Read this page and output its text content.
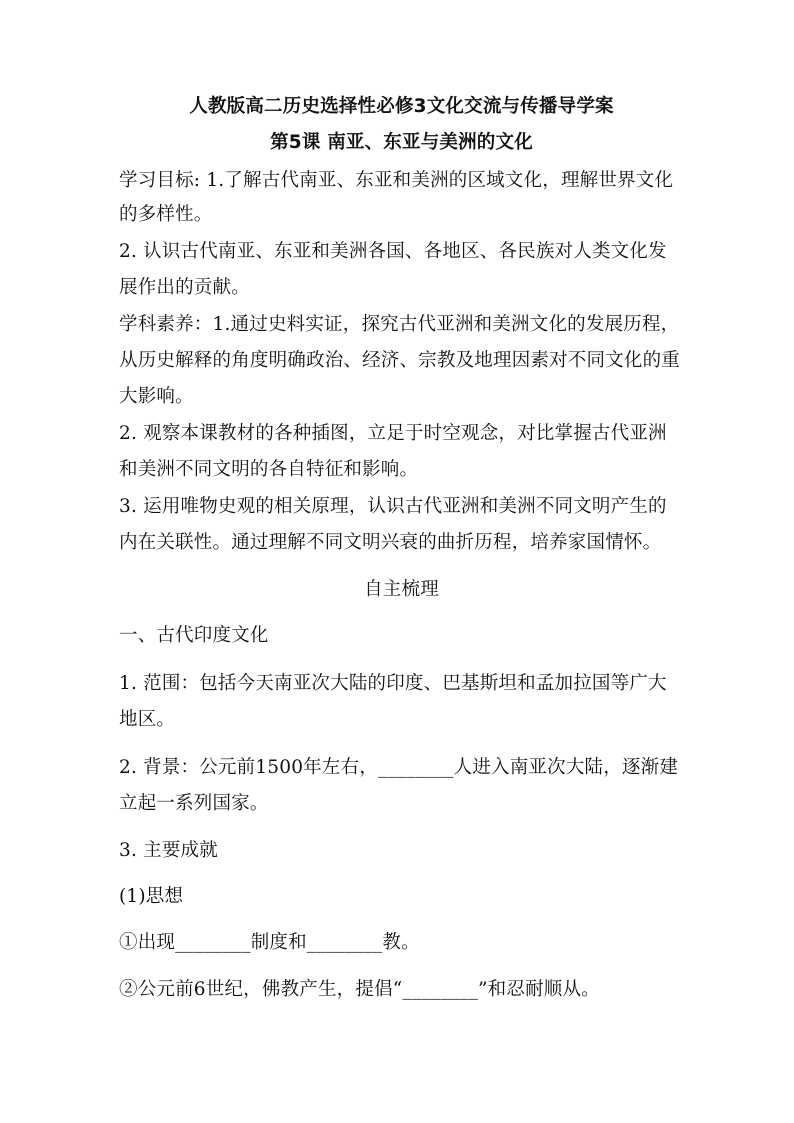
人教版高二历史选择性必修3文化交流与传播导学案
第5课 南亚、东亚与美洲的文化
学习目标: 1.了解古代南亚、东亚和美洲的区域文化，理解世界文化
的多样性。
2. 认识古代南亚、东亚和美洲各国、各地区、各民族对人类文化发
展作出的贡献。
学科素养：1.通过史料实证，探究古代亚洲和美洲文化的发展历程，
从历史解释的角度明确政治、经济、宗教及地理因素对不同文化的重
大影响。
2. 观察本课教材的各种插图，立足于时空观念，对比掌握古代亚洲
和美洲不同文明的各自特征和影响。
3. 运用唯物史观的相关原理，认识古代亚洲和美洲不同文明产生的
内在关联性。通过理解不同文明兴衰的曲折历程，培养家国情怀。
自主梳理
一、古代印度文化
1. 范围：包括今天南亚次大陆的印度、巴基斯坦和孟加拉国等广大
地区。
2. 背景：公元前1500年左右，________人进入南亚次大陆，逐渐建
立起一系列国家。
3. 主要成就
(1)思想
①出现________制度和________教。
②公元前6世纪，佛教产生，提倡“________”和忍耐顺从。
